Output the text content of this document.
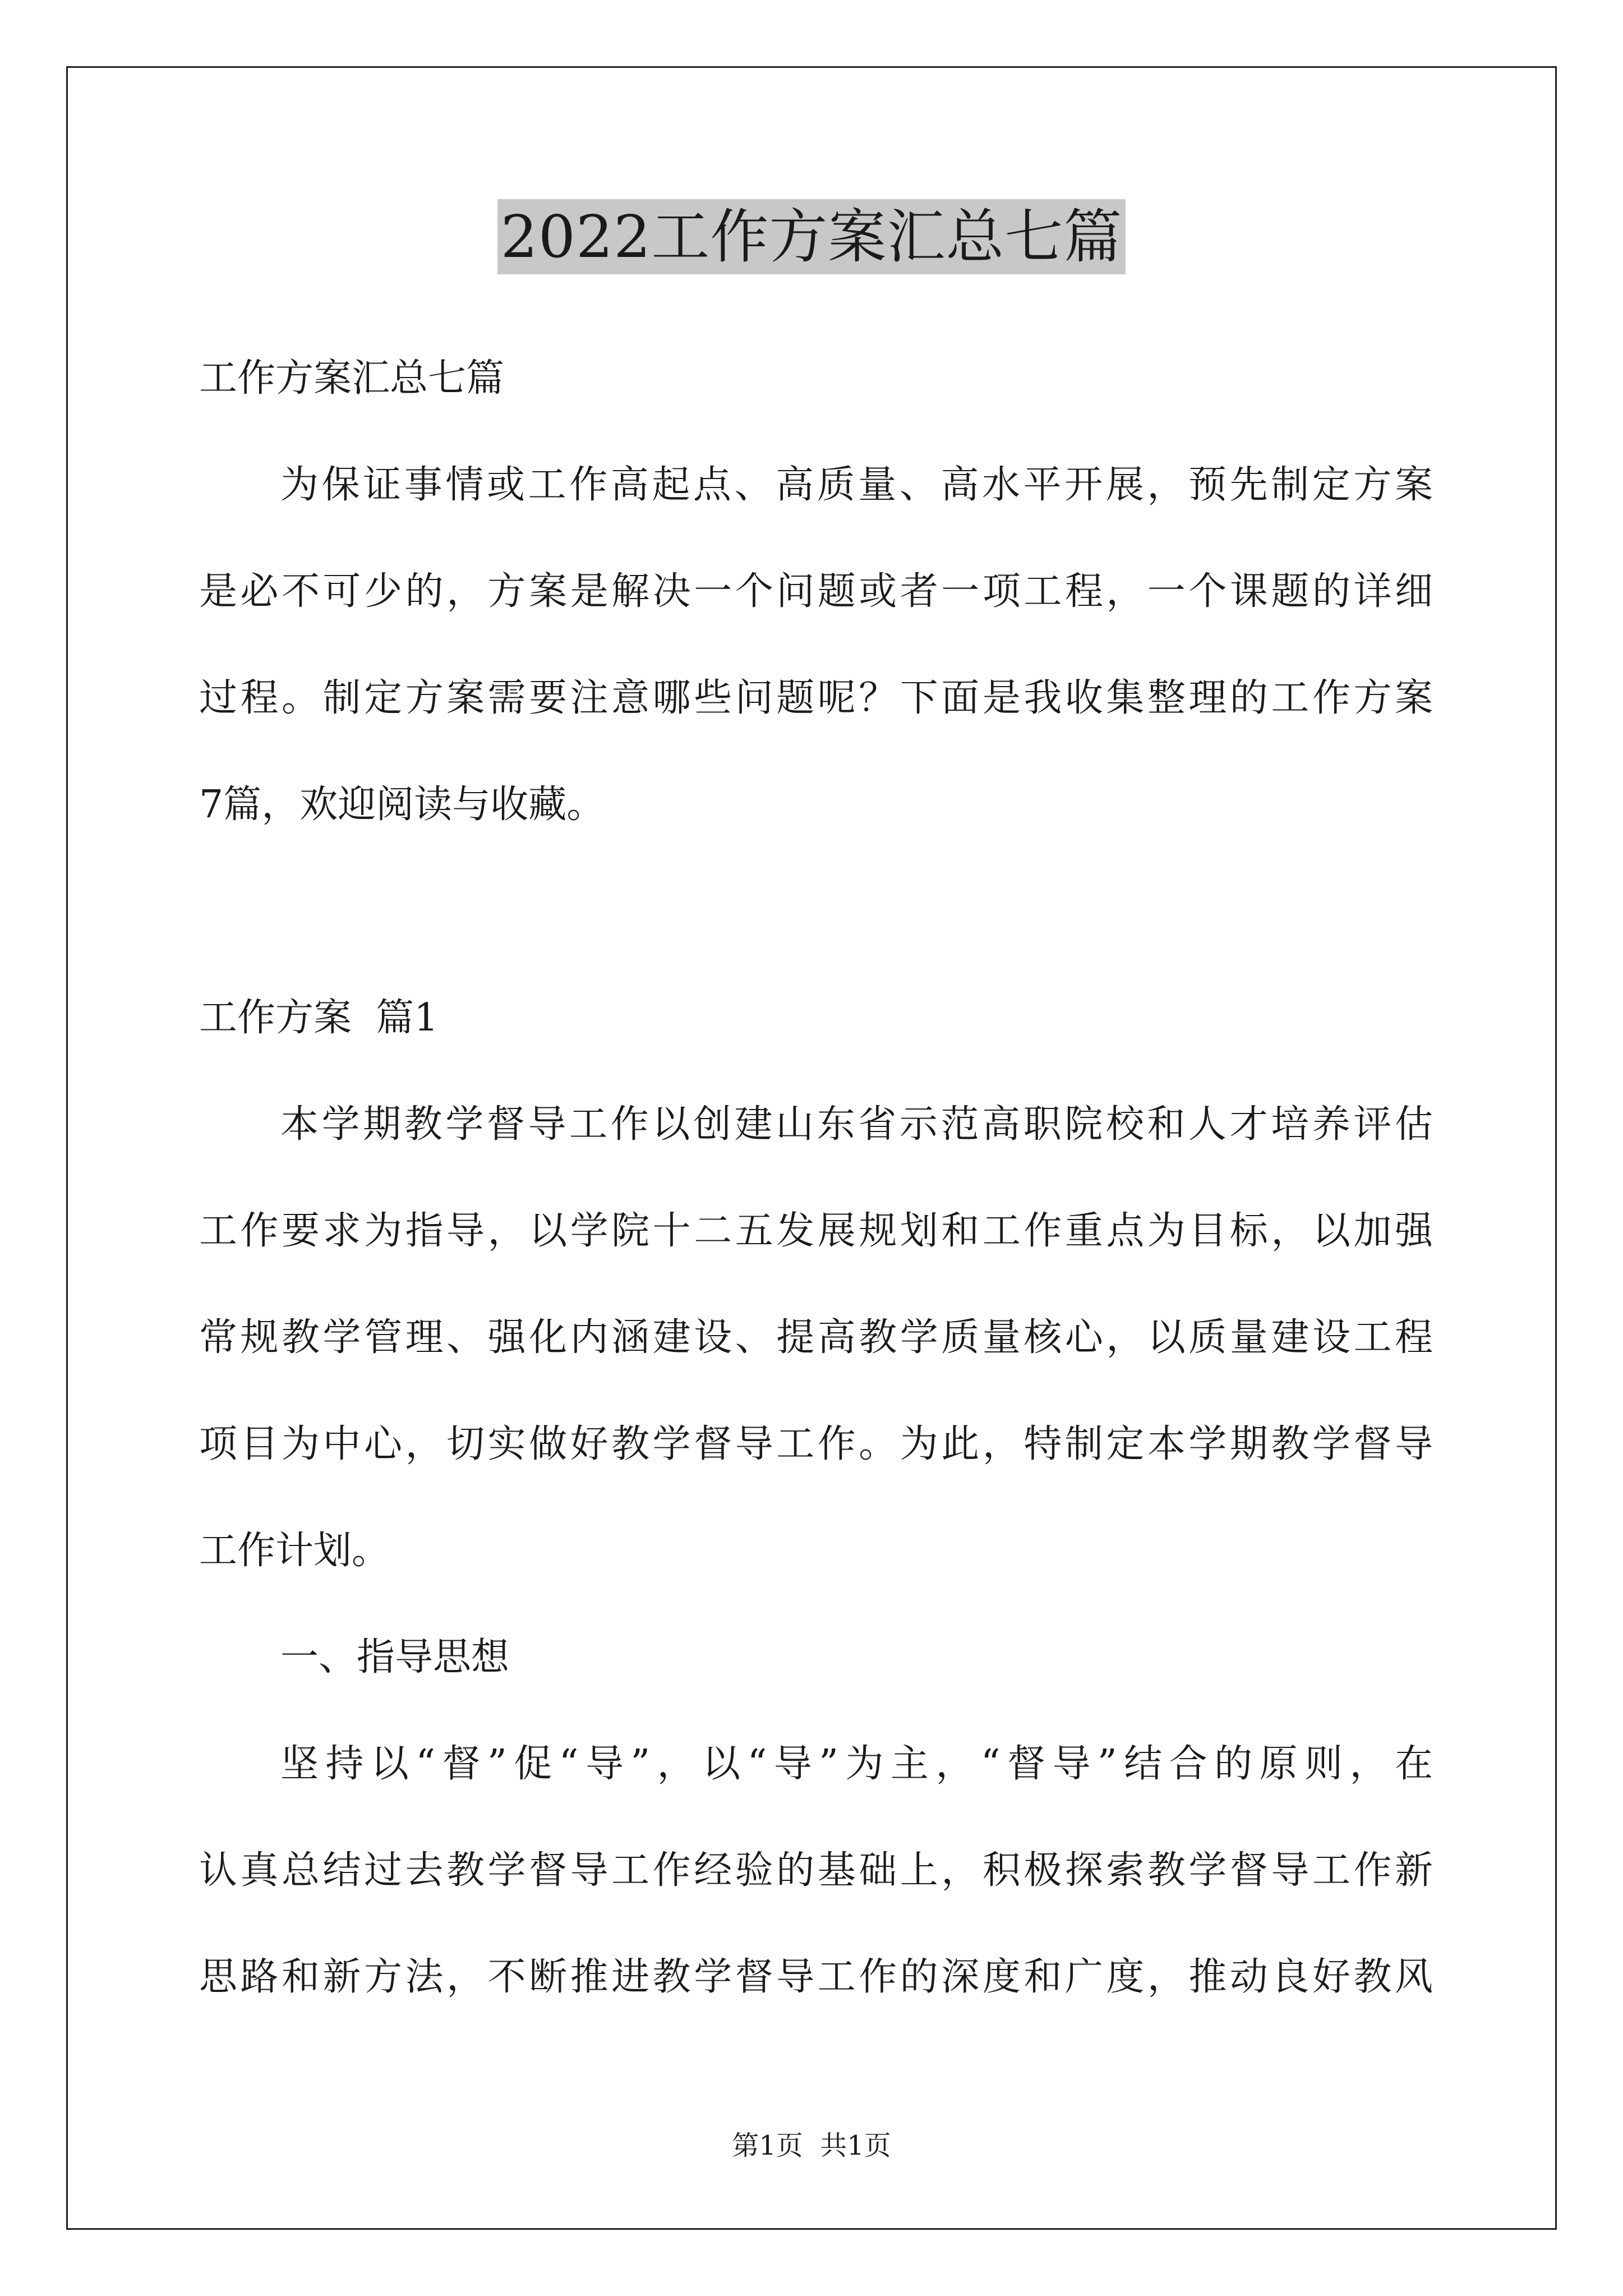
2022工作方案汇总七篇
工作方案汇总七篇
为保证事情或工作高起点、高质量、高水平开展，预先制定方案
是必不可少的，方案是解决一个问题或者一项工程，一个课题的详细
过程。制定方案需要注意哪些问题呢？下面是我收集整理的工作方案
7篇，欢迎阅读与收藏。
工作方案  篇1
本学期教学督导工作以创建山东省示范高职院校和人才培养评估
工作要求为指导，以学院十二五发展规划和工作重点为目标，以加强
常规教学管理、强化内涵建设、提高教学质量核心，以质量建设工程
项目为中心，切实做好教学督导工作。为此，特制定本学期教学督导
工作计划。
一、指导思想
坚持以“督”促“导”，以“导”为主，“督导”结合的原则，在
认真总结过去教学督导工作经验的基础上，积极探索教学督导工作新
思路和新方法，不断推进教学督导工作的深度和广度，推动良好教风
第1页  共1页
